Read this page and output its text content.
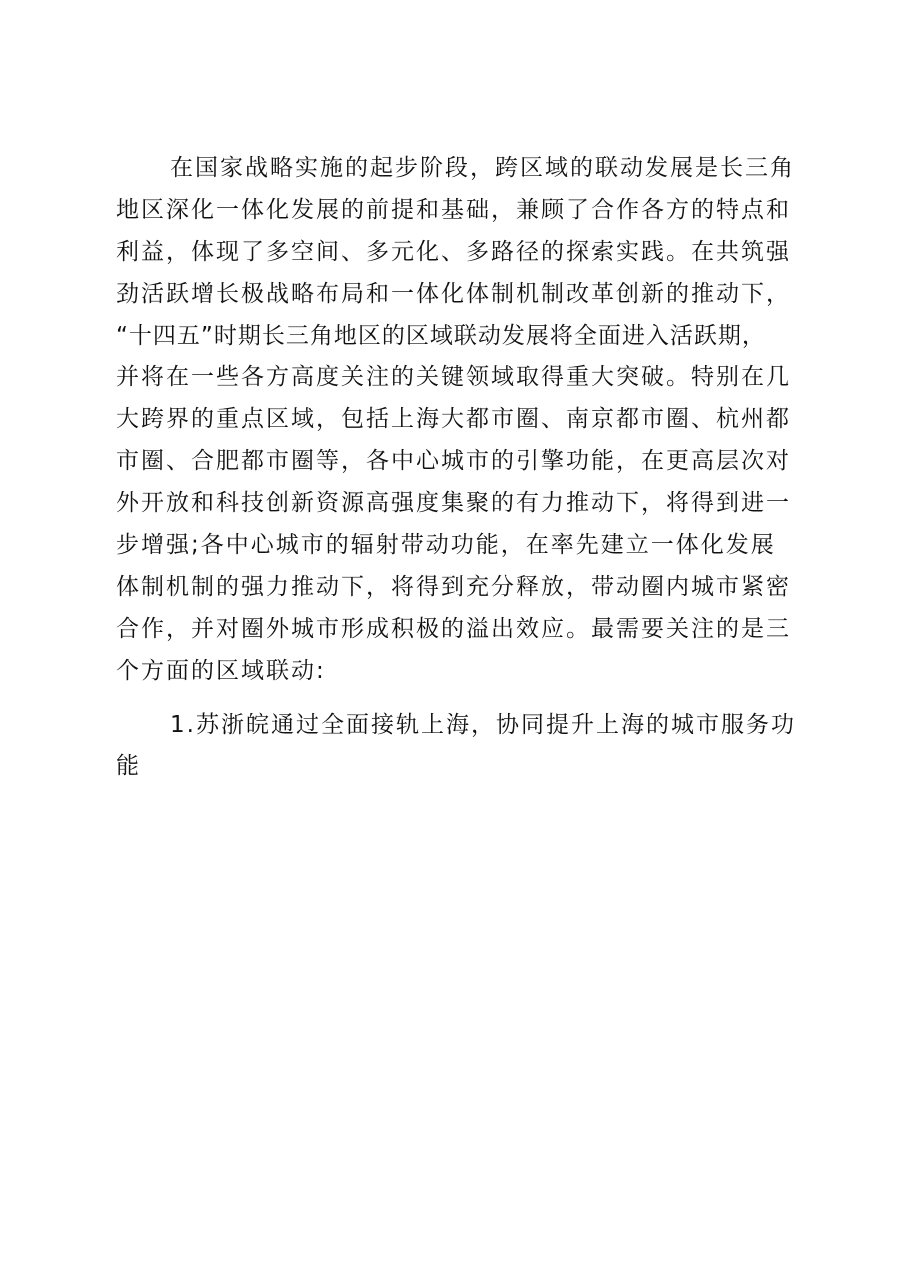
在国家战略实施的起步阶段，跨区域的联动发展是长三角
地区深化一体化发展的前提和基础，兼顾了合作各方的特点和
利益，体现了多空间、多元化、多路径的探索实践。在共筑强
劲活跃增长极战略布局和一体化体制机制改革创新的推动下，
“十四五”时期长三角地区的区域联动发展将全面进入活跃期，
并将在一些各方高度关注的关键领域取得重大突破。特别在几
大跨界的重点区域，包括上海大都市圈、南京都市圈、杭州都
市圈、合肥都市圈等，各中心城市的引擎功能，在更高层次对
外开放和科技创新资源高强度集聚的有力推动下，将得到进一
步增强;各中心城市的辐射带动功能，在率先建立一体化发展
体制机制的强力推动下，将得到充分释放，带动圈内城市紧密
合作，并对圈外城市形成积极的溢出效应。最需要关注的是三
个方面的区域联动:
1.苏浙皖通过全面接轨上海，协同提升上海的城市服务功
能
